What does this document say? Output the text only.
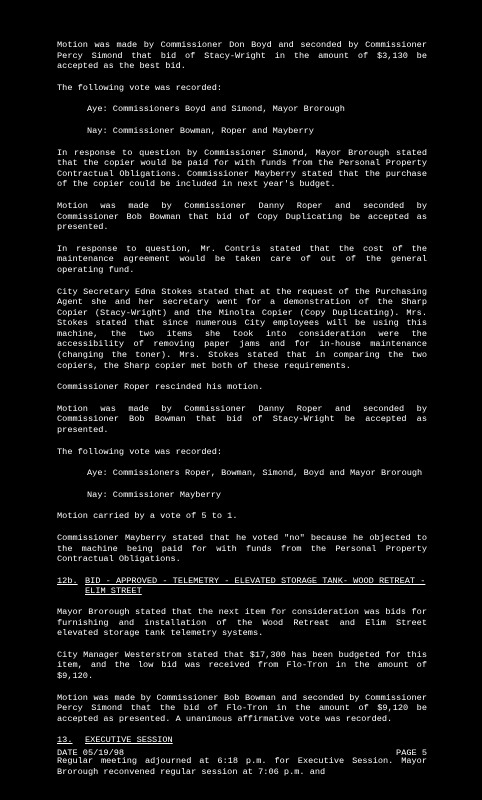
Motion was made by Commissioner Don Boyd and seconded by Commissioner Percy Simond that bid of Stacy-Wright in the amount of $3,130 be accepted as the best bid.

The following vote was recorded:

Aye: Commissioners Boyd and Simond, Mayor Brorough

Nay: Commissioner Bowman, Roper and Mayberry

In response to question by Commissioner Simond, Mayor Brorough stated that the copier would be paid for with funds from the Personal Property Contractual Obligations. Commissioner Mayberry stated that the purchase of the copier could be included in next year's budget.

Motion was made by Commissioner Danny Roper and seconded by Commissioner Bob Bowman that bid of Copy Duplicating be accepted as presented.

In response to question, Mr. Contris stated that the cost of the maintenance agreement would be taken care of out of the general operating fund.

City Secretary Edna Stokes stated that at the request of the Purchasing Agent she and her secretary went for a demonstration of the Sharp Copier (Stacy-Wright) and the Minolta Copier (Copy Duplicating). Mrs. Stokes stated that since numerous City employees will be using this machine, the two items she took into consideration were the accessibility of removing paper jams and for in-house maintenance (changing the toner). Mrs. Stokes stated that in comparing the two copiers, the Sharp copier met both of these requirements.

Commissioner Roper rescinded his motion.

Motion was made by Commissioner Danny Roper and seconded by Commissioner Bob Bowman that bid of Stacy-Wright be accepted as presented.

The following vote was recorded:

Aye: Commissioners Roper, Bowman, Simond, Boyd and Mayor Brorough

Nay: Commissioner Mayberry

Motion carried by a vote of 5 to 1.

Commissioner Mayberry stated that he voted "no" because he objected to the machine being paid for with funds from the Personal Property Contractual Obligations.

12b. BID - APPROVED - TELEMETRY - ELEVATED STORAGE TANK- WOOD RETREAT - ELIM STREET

Mayor Brorough stated that the next item for consideration was bids for furnishing and installation of the Wood Retreat and Elim Street elevated storage tank telemetry systems.

City Manager Westerstrom stated that $17,300 has been budgeted for this item, and the low bid was received from Flo-Tron in the amount of $9,120.

Motion was made by Commissioner Bob Bowman and seconded by Commissioner Percy Simond that the bid of Flo-Tron in the amount of $9,120 be accepted as presented. A unanimous affirmative vote was recorded.

13.	EXECUTIVE SESSION

Regular meeting adjourned at 6:18 p.m. for Executive Session. Mayor Brorough reconvened regular session at 7:06 p.m. and

DATE 05/19/98	PAGE 5
